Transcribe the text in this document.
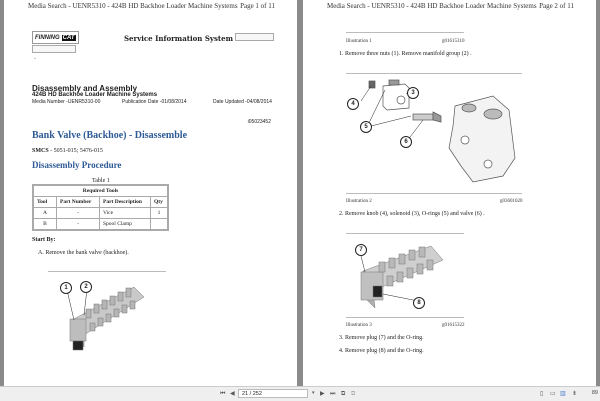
Media Search - UENR5310 - 424B HD Backhoe Loader Machine Systems Page 1 of 11
FINNING CAT	Service Information System
◦
Disassembly and Assembly
424B HD Backhoe Loader Machine Systems
Media Number -UENR5310-00	Publication Date -01/08/2014	Date Updated -04/08/2014
i05023452
Bank Valve (Backhoe) - Disassemble
SMCS - 5051-015; 5476-015
Disassembly Procedure
Table 1
Required Tools			
Tool	Part Number	Part Description	Qty
A	-	Vice	1
B	-	Spool Clamp	
Start By:
A. Remove the bank valve (backhoe).
1	2
Media Search - UENR5310 - 424B HD Backhoe Loader Machine Systems Page 2 of 11
Illustration 1	g01615310
1. Remove three nuts (1). Remove manifold group (2) .
4
3
5
6
Illustration 2	g03601020
2. Remove knob (4), solenoid (3), O-rings (5) and valve (6) .
7
8
Illustration 3	g01615322
3. Remove plug (7) and the O-ring.
4. Remove plug (8) and the O-ring.
⏮ ◀	21 / 252	▾ ▶ ⏭ ⧉ ⧉	▯ ▭ ▥ ⇟	89
